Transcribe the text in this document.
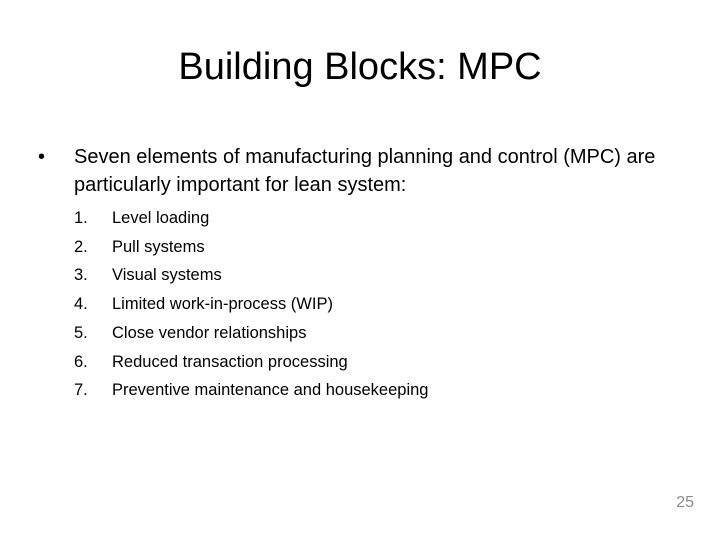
Building Blocks: MPC
• Seven elements of manufacturing planning and control (MPC) are particularly important for lean system:
1.	Level loading
2.	Pull systems
3.	Visual systems
4.	Limited work-in-process (WIP)
5.	Close vendor relationships
6.	Reduced transaction processing
7.	Preventive maintenance and housekeeping
25
